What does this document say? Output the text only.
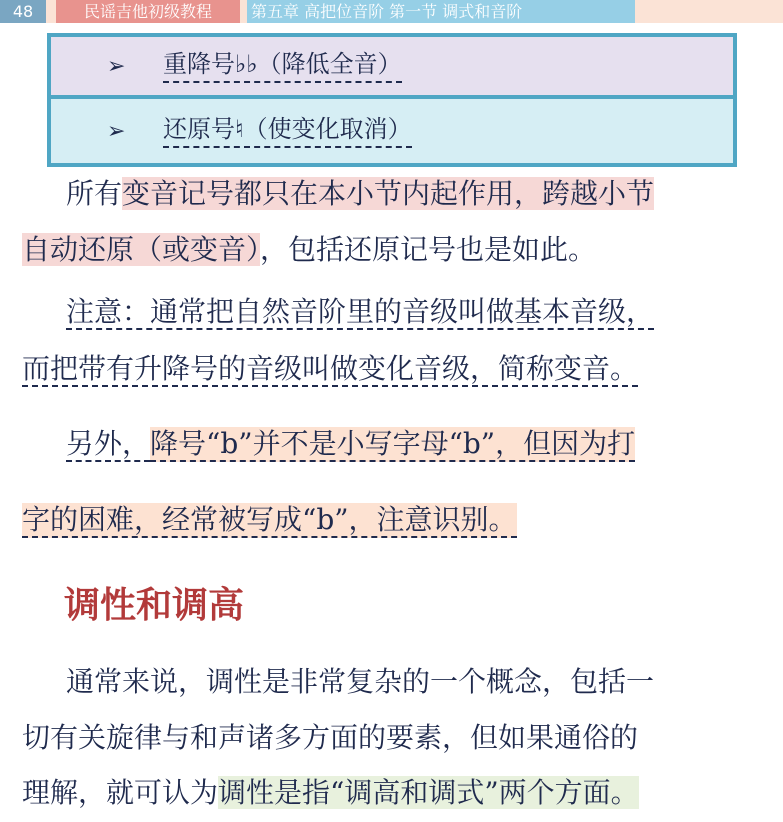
48	民谣吉他初级教程	第五章 高把位音阶 第一节 调式和音阶
➢ 重降号♭♭（降低全音）
➢ 还原号♮（使变化取消）
所有变音记号都只在本小节内起作用，跨越小节
自动还原（或变音），包括还原记号也是如此。
注意：通常把自然音阶里的音级叫做基本音级，
而把带有升降号的音级叫做变化音级，简称变音。
另外，降号“b”并不是小写字母“b”，但因为打
字的困难，经常被写成“b”，注意识别。
调性和调高
通常来说，调性是非常复杂的一个概念，包括一
切有关旋律与和声诸多方面的要素，但如果通俗的
理解，就可认为调性是指“调高和调式”两个方面。
